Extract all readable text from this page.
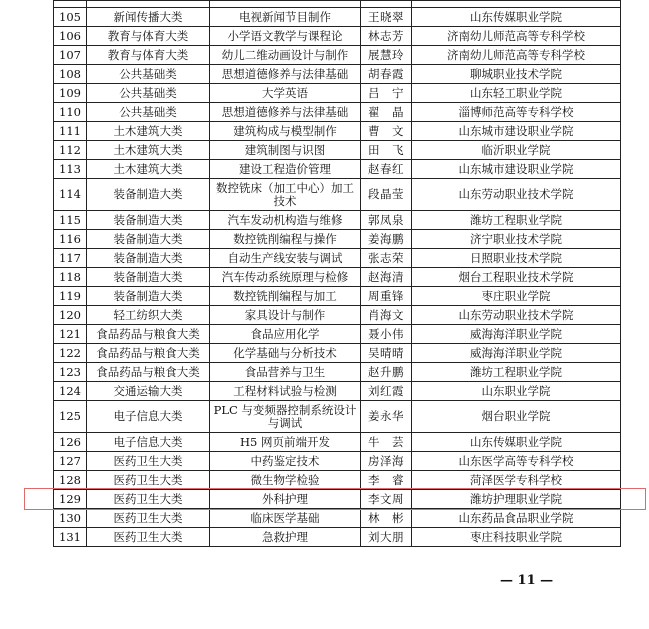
105	新闻传播大类	电视新闻节目制作	王晓翠	山东传媒职业学院
106	教育与体育大类	小学语文教学与课程论	林志芳	济南幼儿师范高等专科学校
107	教育与体育大类	幼儿二维动画设计与制作	展慧玲	济南幼儿师范高等专科学校
108	公共基础类	思想道德修养与法律基础	胡春霞	聊城职业技术学院
109	公共基础类	大学英语	吕　宁	山东轻工职业学院
110	公共基础类	思想道德修养与法律基础	翟　晶	淄博师范高等专科学校
111	土木建筑大类	建筑构成与模型制作	曹　文	山东城市建设职业学院
112	土木建筑大类	建筑制图与识图	田　飞	临沂职业学院
113	土木建筑大类	建设工程造价管理	赵春红	山东城市建设职业学院
114	装备制造大类	数控铣床（加工中心）加工技术	段晶莹	山东劳动职业技术学院
115	装备制造大类	汽车发动机构造与维修	郭凤泉	潍坊工程职业学院
116	装备制造大类	数控铣削编程与操作	姜海鹏	济宁职业技术学院
117	装备制造大类	自动生产线安装与调试	张志荣	日照职业技术学院
118	装备制造大类	汽车传动系统原理与检修	赵海清	烟台工程职业技术学院
119	装备制造大类	数控铣削编程与加工	周重锋	枣庄职业学院
120	轻工纺织大类	家具设计与制作	肖海文	山东劳动职业技术学院
121	食品药品与粮食大类	食品应用化学	聂小伟	威海海洋职业学院
122	食品药品与粮食大类	化学基础与分析技术	吴晴晴	威海海洋职业学院
123	食品药品与粮食大类	食品营养与卫生	赵升鹏	潍坊工程职业学院
124	交通运输大类	工程材料试验与检测	刘红霞	山东职业学院
125	电子信息大类	PLC 与变频器控制系统设计与调试	姜永华	烟台职业学院
126	电子信息大类	H5 网页前端开发	牛　芸	山东传媒职业学院
127	医药卫生大类	中药鉴定技术	房泽海	山东医学高等专科学校
128	医药卫生大类	微生物学检验	李　睿	菏泽医学专科学校
129	医药卫生大类	外科护理	李文周	潍坊护理职业学院
130	医药卫生大类	临床医学基础	林　彬	山东药品食品职业学院
131	医药卫生大类	急救护理	刘大朋	枣庄科技职业学院
— 11 —
